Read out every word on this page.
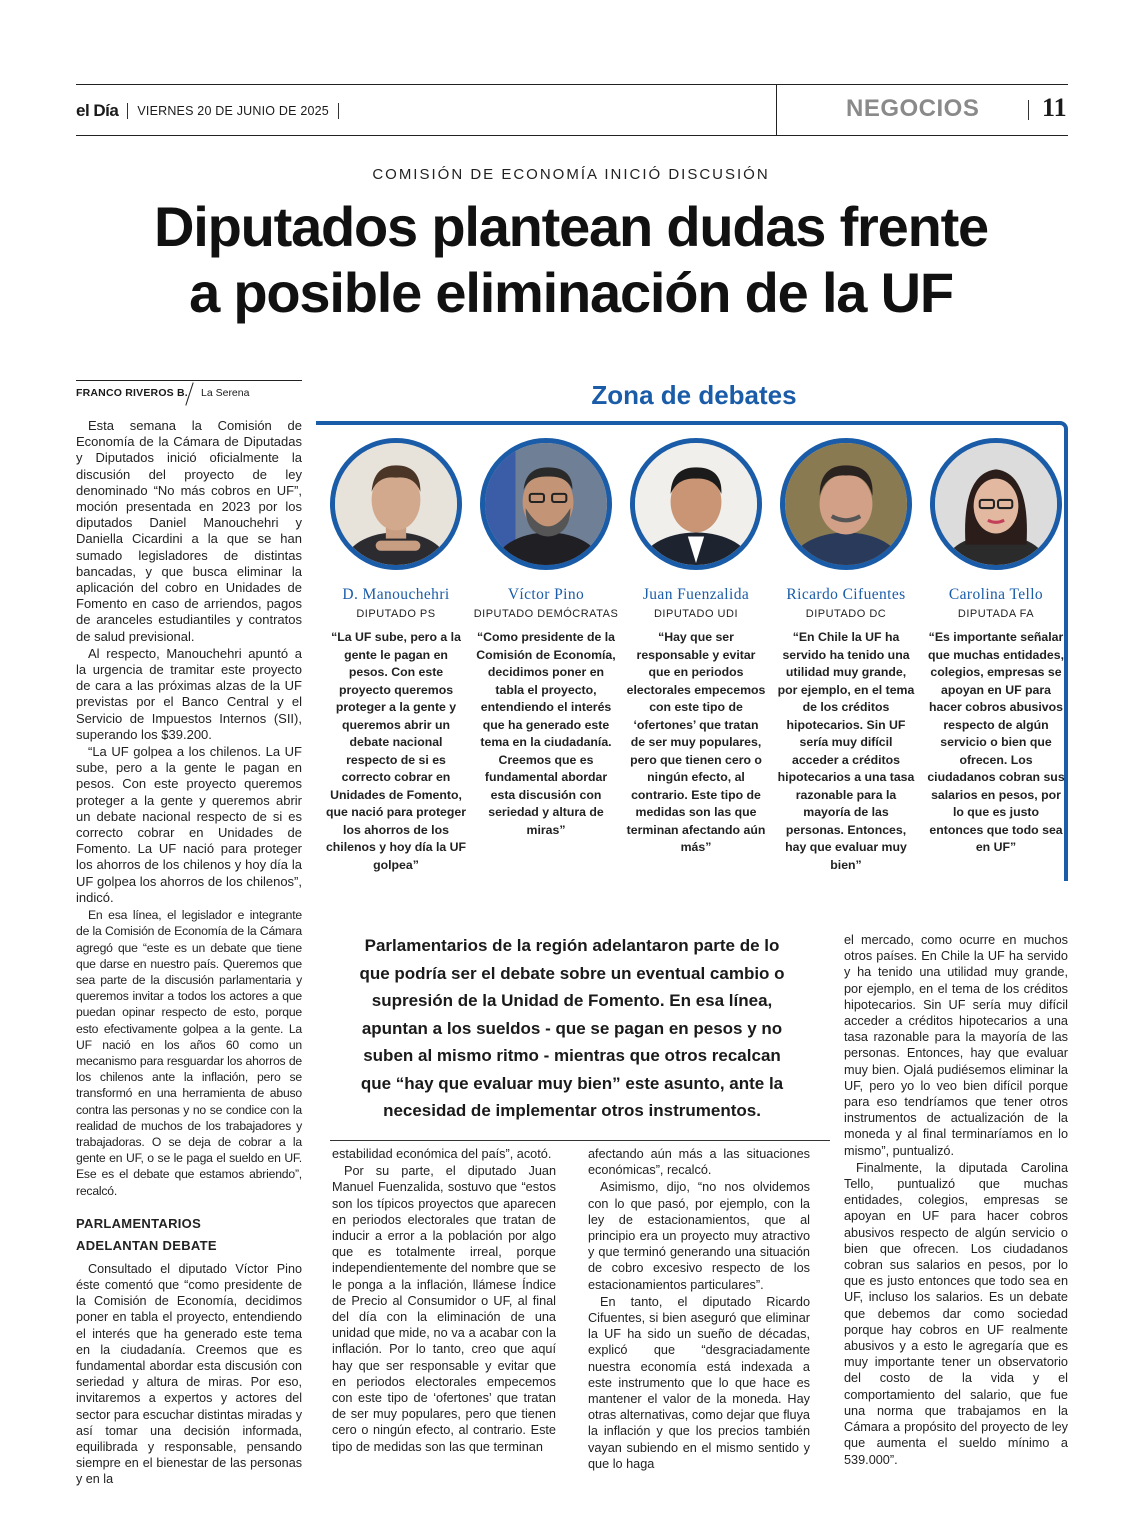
el Día VIERNES 20 DE JUNIO DE 2025	NEGOCIOS 11
COMISIÓN DE ECONOMÍA INICIÓ DISCUSIÓN
Diputados plantean dudas frente
a posible eliminación de la UF
FRANCO RIVEROS B. La Serena

Esta semana la Comisión de Economía de la Cámara de Diputadas y Diputados inició oficialmente la discusión del proyecto de ley denominado “No más cobros en UF”, moción presentada en 2023 por los diputados Daniel Manouchehri y Daniella Cicardini a la que se han sumado legisladores de distintas bancadas, y que busca eliminar la aplicación del cobro en Unidades de Fomento en caso de arriendos, pagos de aranceles estudiantiles y contratos de salud previsional.

Al respecto, Manouchehri apuntó a la urgencia de tramitar este proyecto de cara a las próximas alzas de la UF previstas por el Banco Central y el Servicio de Impuestos Internos (SII), superando los $39.200.

“La UF golpea a los chilenos. La UF sube, pero a la gente le pagan en pesos. Con este proyecto queremos proteger a la gente y queremos abrir un debate nacional respecto de si es correcto cobrar en Unidades de Fomento. La UF nació para proteger los ahorros de los chilenos y hoy día la UF golpea los ahorros de los chilenos”, indicó.

En esa línea, el legislador e integrante de la Comisión de Economía de la Cámara agregó que “este es un debate que tiene que darse en nuestro país. Queremos que sea parte de la discusión parlamentaria y queremos invitar a todos los actores a que puedan opinar respecto de esto, porque esto efectivamente golpea a la gente. La UF nació en los años 60 como un mecanismo para resguardar los ahorros de los chilenos ante la inflación, pero se transformó en una herramienta de abuso contra las personas y no se condice con la realidad de muchos de los trabajadores y trabajadoras. O se deja de cobrar a la gente en UF, o se le paga el sueldo en UF. Ese es el debate que estamos abriendo”, recalcó.

PARLAMENTARIOS
ADELANTAN DEBATE

Consultado el diputado Víctor Pino éste comentó que “como presidente de la Comisión de Economía, decidimos poner en tabla el proyecto, entendiendo el interés que ha generado este tema en la ciudadanía. Creemos que es fundamental abordar esta discusión con seriedad y altura de miras. Por eso, invitaremos a expertos y actores del sector para escuchar distintas miradas y así tomar una decisión informada, equilibrada y responsable, pensando siempre en el bienestar de las personas y en la

Zona de debates
D. Manouchehri
DIPUTADO PS
“La UF sube, pero a la gente le pagan en pesos. Con este proyecto queremos proteger a la gente y queremos abrir un debate nacional respecto de si es correcto cobrar en Unidades de Fomento, que nació para proteger los ahorros de los chilenos y hoy día la UF golpea”
Víctor Pino
DIPUTADO DEMÓCRATAS
“Como presidente de la Comisión de Economía, decidimos poner en tabla el proyecto, entendiendo el interés que ha generado este tema en la ciudadanía. Creemos que es fundamental abordar esta discusión con seriedad y altura de miras”
Juan Fuenzalida
DIPUTADO UDI
“Hay que ser responsable y evitar que en periodos electorales empecemos con este tipo de ‘ofertones’ que tratan de ser muy populares, pero que tienen cero o ningún efecto, al contrario. Este tipo de medidas son las que terminan afectando aún más”
Ricardo Cifuentes
DIPUTADO DC
“En Chile la UF ha servido ha tenido una utilidad muy grande, por ejemplo, en el tema de los créditos hipotecarios. Sin UF sería muy difícil acceder a créditos hipotecarios a una tasa razonable para la mayoría de las personas. Entonces, hay que evaluar muy bien”
Carolina Tello
DIPUTADA FA
“Es importante señalar que muchas entidades, colegios, empresas se apoyan en UF para hacer cobros abusivos respecto de algún servicio o bien que ofrecen. Los ciudadanos cobran sus salarios en pesos, por lo que es justo entonces que todo sea en UF”
Parlamentarios de la región adelantaron parte de lo que podría ser el debate sobre un eventual cambio o supresión de la Unidad de Fomento. En esa línea, apuntan a los sueldos - que se pagan en pesos y no suben al mismo ritmo - mientras que otros recalcan que “hay que evaluar muy bien” este asunto, ante la necesidad de implementar otros instrumentos.

estabilidad económica del país”, acotó.

Por su parte, el diputado Juan Manuel Fuenzalida, sostuvo que “estos son los típicos proyectos que aparecen en periodos electorales que tratan de inducir a error a la población por algo que es totalmente irreal, porque independientemente del nombre que se le ponga a la inflación, llámese Índice de Precio al Consumidor o UF, al final del día con la eliminación de una unidad que mide, no va a acabar con la inflación. Por lo tanto, creo que aquí hay que ser responsable y evitar que en periodos electorales empecemos con este tipo de ‘ofertones’ que tratan de ser muy populares, pero que tienen cero o ningún efecto, al contrario. Este tipo de medidas son las que terminan

afectando aún más a las situaciones económicas”, recalcó.

Asimismo, dijo, “no nos olvidemos con lo que pasó, por ejemplo, con la ley de estacionamientos, que al principio era un proyecto muy atractivo y que terminó generando una situación de cobro excesivo respecto de los estacionamientos particulares”.

En tanto, el diputado Ricardo Cifuentes, si bien aseguró que eliminar la UF ha sido un sueño de décadas, explicó que “desgraciadamente nuestra economía está indexada a este instrumento que lo que hace es mantener el valor de la moneda. Hay otras alternativas, como dejar que fluya la inflación y que los precios también vayan subiendo en el mismo sentido y que lo haga

el mercado, como ocurre en muchos otros países. En Chile la UF ha servido y ha tenido una utilidad muy grande, por ejemplo, en el tema de los créditos hipotecarios. Sin UF sería muy difícil acceder a créditos hipotecarios a una tasa razonable para la mayoría de las personas. Entonces, hay que evaluar muy bien. Ojalá pudiésemos eliminar la UF, pero yo lo veo bien difícil porque para eso tendríamos que tener otros instrumentos de actualización de la moneda y al final terminaríamos en lo mismo”, puntualizó.

Finalmente, la diputada Carolina Tello, puntualizó que muchas entidades, colegios, empresas se apoyan en UF para hacer cobros abusivos respecto de algún servicio o bien que ofrecen. Los ciudadanos cobran sus salarios en pesos, por lo que es justo entonces que todo sea en UF, incluso los salarios. Es un debate que debemos dar como sociedad porque hay cobros en UF realmente abusivos y a esto le agregaría que es muy importante tener un observatorio del costo de la vida y el comportamiento del salario, que fue una norma que trabajamos en la Cámara a propósito del proyecto de ley que aumenta el sueldo mínimo a 539.000”.
